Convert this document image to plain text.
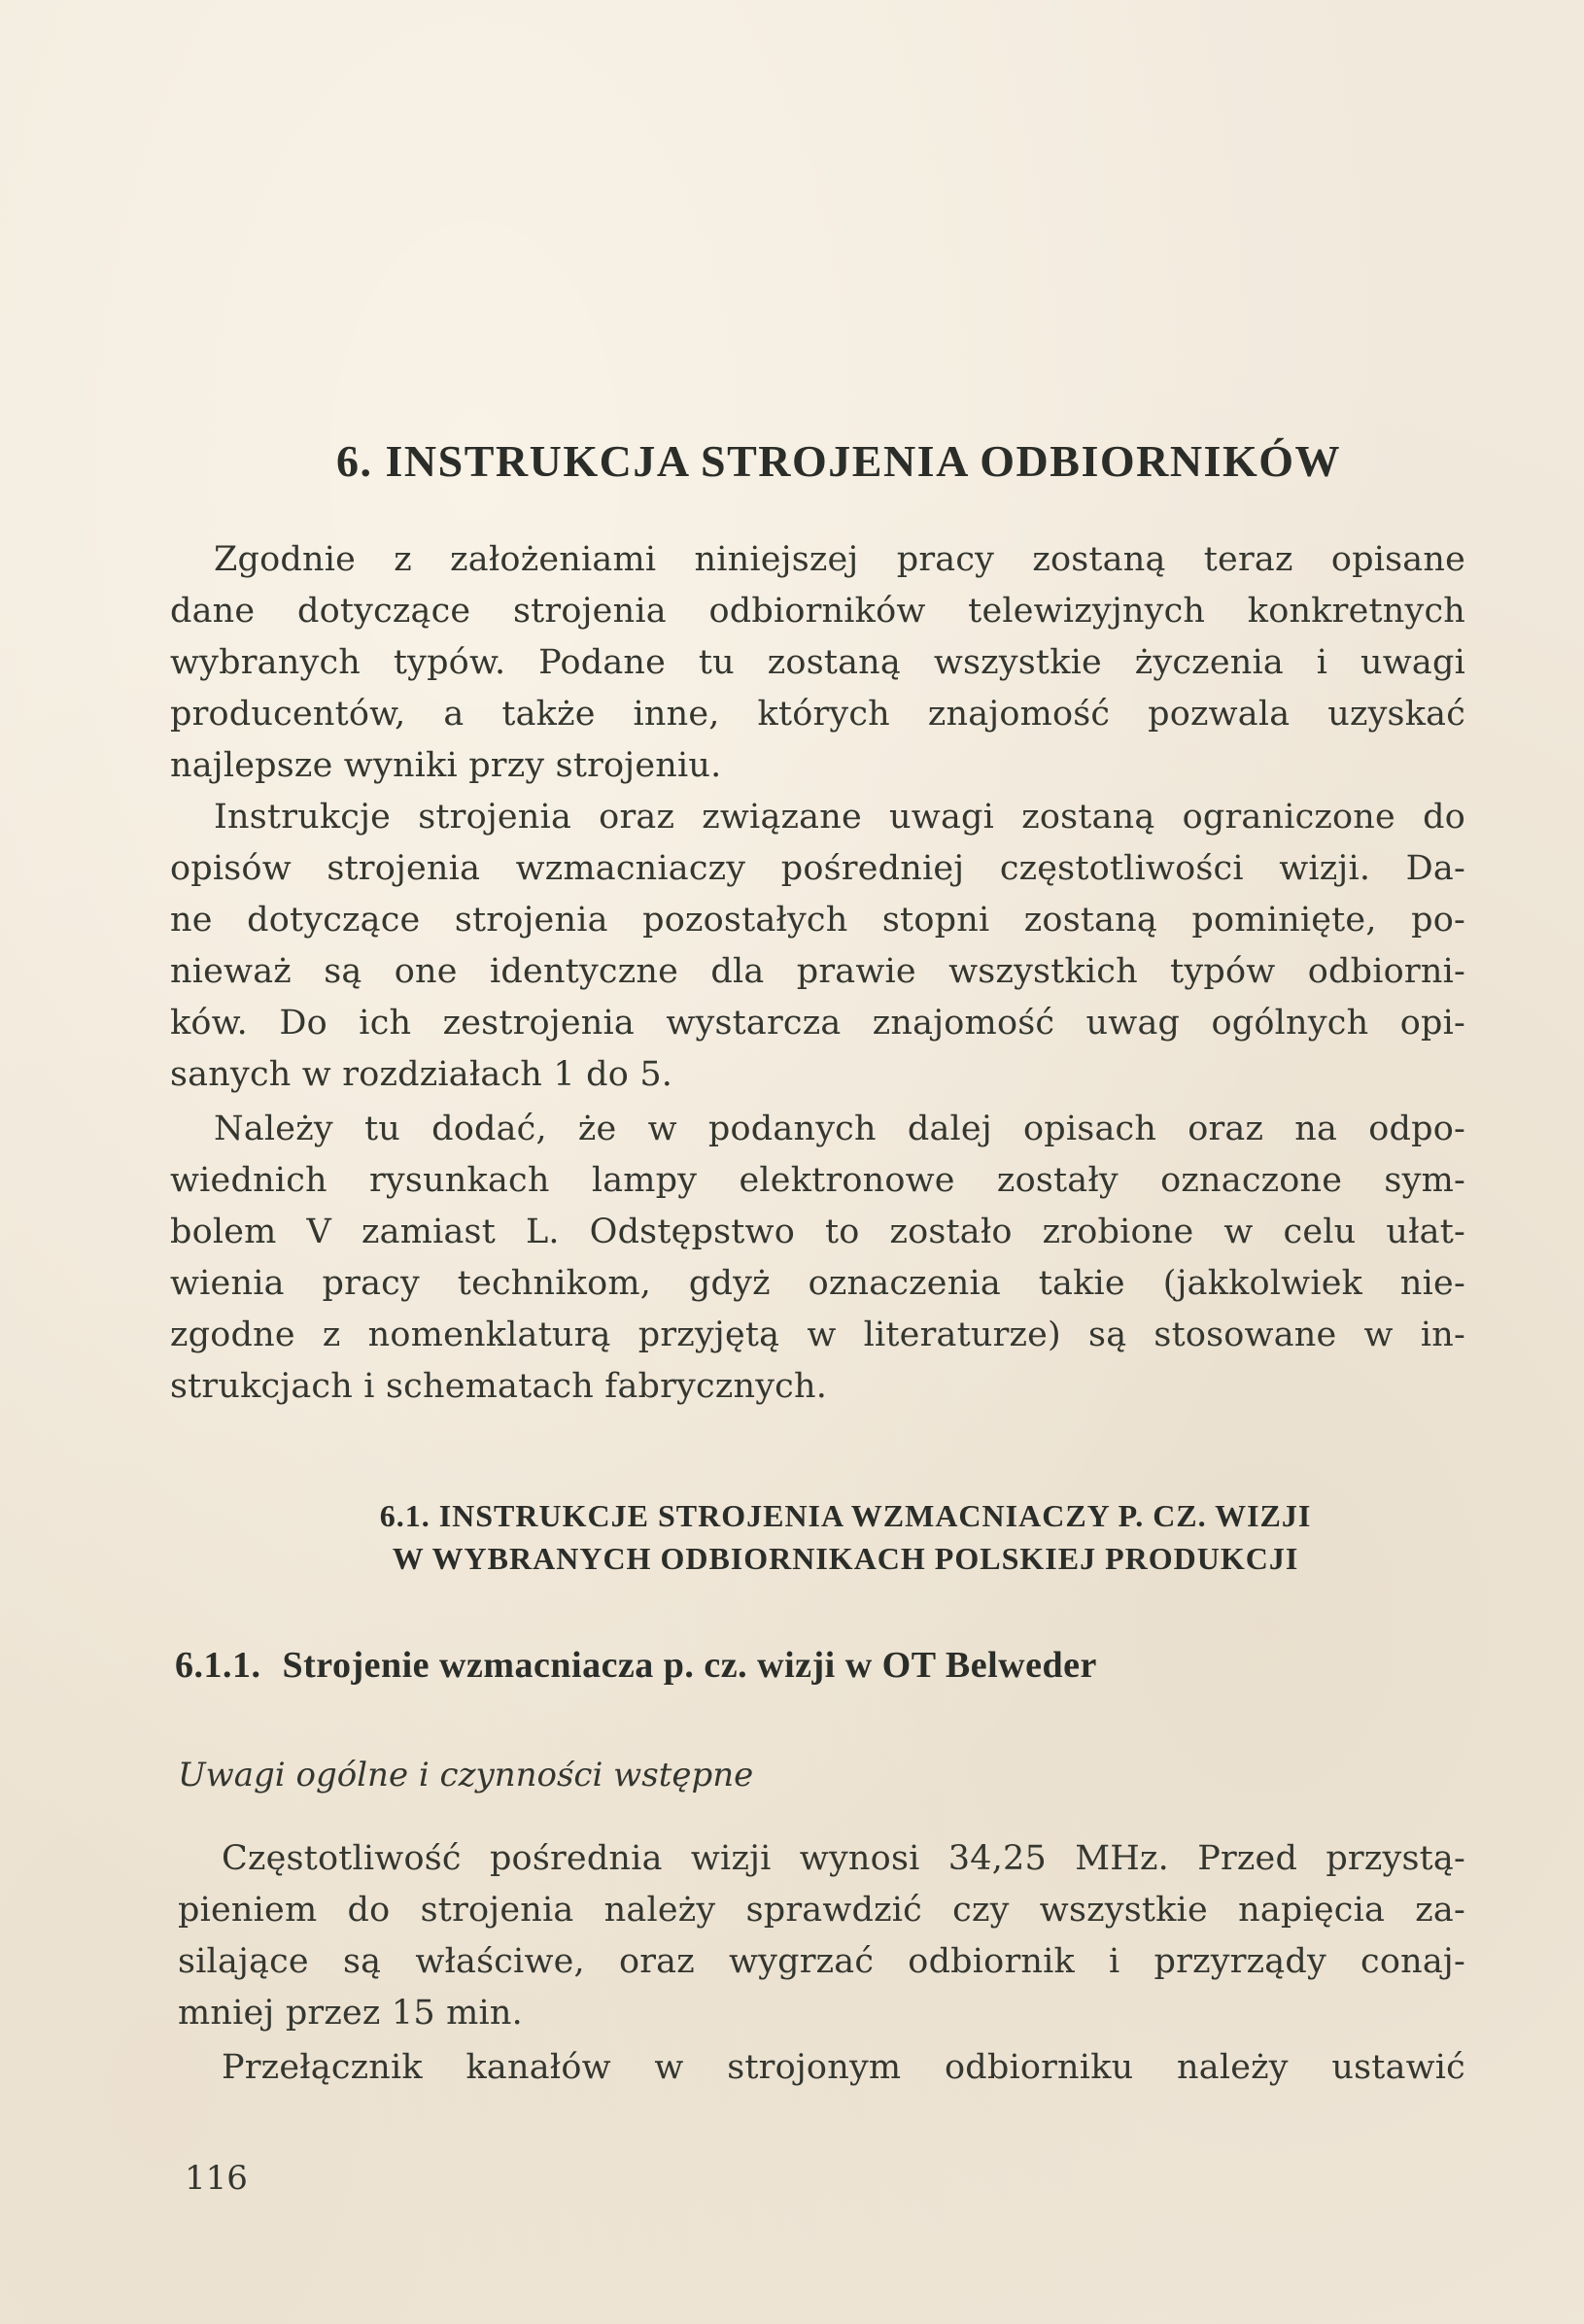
6. INSTRUKCJA STROJENIA ODBIORNIKÓW
Zgodnie z założeniami niniejszej pracy zostaną teraz opisane
dane dotyczące strojenia odbiorników telewizyjnych konkretnych
wybranych typów. Podane tu zostaną wszystkie życzenia i uwagi
producentów, a także inne, których znajomość pozwala uzyskać
najlepsze wyniki przy strojeniu.
Instrukcje strojenia oraz związane uwagi zostaną ograniczone do
opisów strojenia wzmacniaczy pośredniej częstotliwości wizji. Da-
ne dotyczące strojenia pozostałych stopni zostaną pominięte, po-
nieważ są one identyczne dla prawie wszystkich typów odbiorni-
ków. Do ich zestrojenia wystarcza znajomość uwag ogólnych opi-
sanych w rozdziałach 1 do 5.
Należy tu dodać, że w podanych dalej opisach oraz na odpo-
wiednich rysunkach lampy elektronowe zostały oznaczone sym-
bolem V zamiast L. Odstępstwo to zostało zrobione w celu ułat-
wienia pracy technikom, gdyż oznaczenia takie (jakkolwiek nie-
zgodne z nomenklaturą przyjętą w literaturze) są stosowane w in-
strukcjach i schematach fabrycznych.
6.1. INSTRUKCJE STROJENIA WZMACNIACZY P. CZ. WIZJI
W WYBRANYCH ODBIORNIKACH POLSKIEJ PRODUKCJI
6.1.1. Strojenie wzmacniacza p. cz. wizji w OT Belweder
Uwagi ogólne i czynności wstępne
Częstotliwość pośrednia wizji wynosi 34,25 MHz. Przed przystą-
pieniem do strojenia należy sprawdzić czy wszystkie napięcia za-
silające są właściwe, oraz wygrzać odbiornik i przyrządy conaj-
mniej przez 15 min.
Przełącznik kanałów w strojonym odbiorniku należy ustawić
116
